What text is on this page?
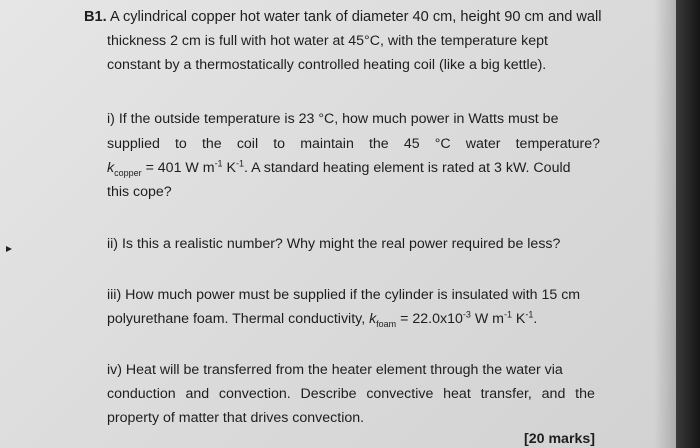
B1. A cylindrical copper hot water tank of diameter 40 cm, height 90 cm and wall
thickness 2 cm is full with hot water at 45°C, with the temperature kept
constant by a thermostatically controlled heating coil (like a big kettle).
i) If the outside temperature is 23 °C, how much power in Watts must be
supplied to the coil to maintain the 45 °C water temperature?
$k_{copper} = 401$ W $m^{-1}$ $K^{-1}$. A standard heating element is rated at 3 kW. Could
this cope?
ii) Is this a realistic number? Why might the real power required be less?
iii) How much power must be supplied if the cylinder is insulated with 15 cm
polyurethane foam. Thermal conductivity, $k_{foam} = 22.0x10^{-3}$ W $m^{-1}$ $K^{-1}$.
iv) Heat will be transferred from the heater element through the water via
conduction and convection. Describe convective heat transfer, and the
property of matter that drives convection.
[20 marks]
